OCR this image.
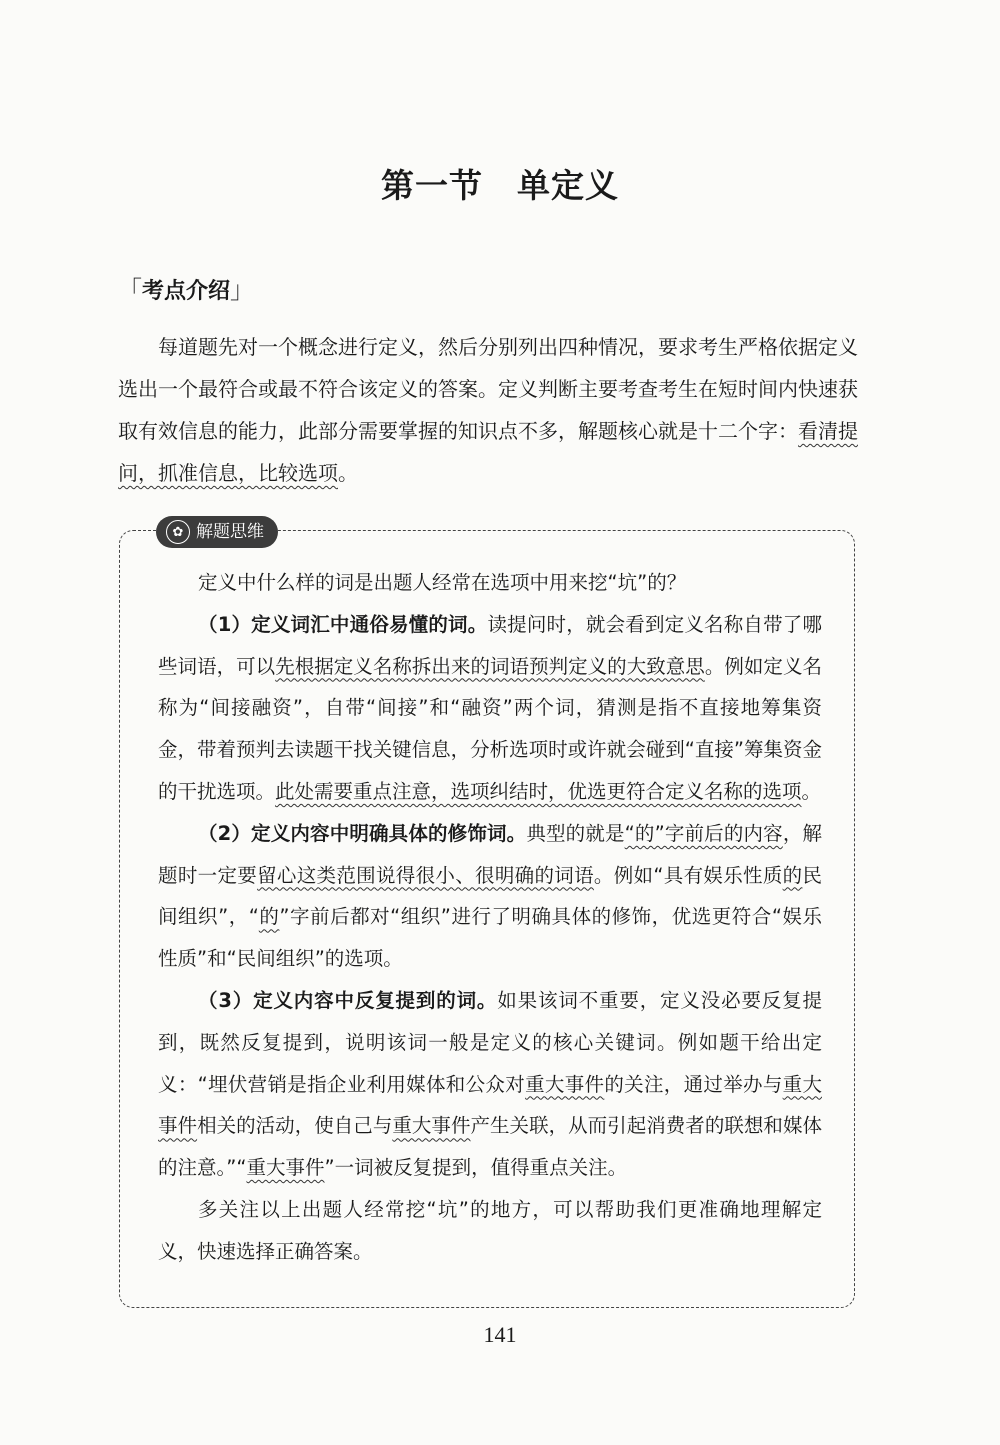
第一节 单定义
「考点介绍」
每道题先对一个概念进行定义，然后分别列出四种情况，要求考生严格依据定义选出一个最符合或最不符合该定义的答案。定义判断主要考查考生在短时间内快速获取有效信息的能力，此部分需要掌握的知识点不多，解题核心就是十二个字：看清提问，抓准信息，比较选项。
✿ 解题思维

定义中什么样的词是出题人经常在选项中用来挖“坑”的？

（1）定义词汇中通俗易懂的词。读提问时，就会看到定义名称自带了哪些词语，可以先根据定义名称拆出来的词语预判定义的大致意思。例如定义名称为“间接融资”，自带“间接”和“融资”两个词，猜测是指不直接地筹集资金，带着预判去读题干找关键信息，分析选项时或许就会碰到“直接”筹集资金的干扰选项。此处需要重点注意，选项纠结时，优选更符合定义名称的选项。

（2）定义内容中明确具体的修饰词。典型的就是“的”字前后的内容，解题时一定要留心这类范围说得很小、很明确的词语。例如“具有娱乐性质的民间组织”，“的”字前后都对“组织”进行了明确具体的修饰，优选更符合“娱乐性质”和“民间组织”的选项。

（3）定义内容中反复提到的词。如果该词不重要，定义没必要反复提到，既然反复提到，说明该词一般是定义的核心关键词。例如题干给出定义：“埋伏营销是指企业利用媒体和公众对重大事件的关注，通过举办与重大事件相关的活动，使自己与重大事件产生关联，从而引起消费者的联想和媒体的注意。”“重大事件”一词被反复提到，值得重点关注。

多关注以上出题人经常挖“坑”的地方，可以帮助我们更准确地理解定义，快速选择正确答案。

141
